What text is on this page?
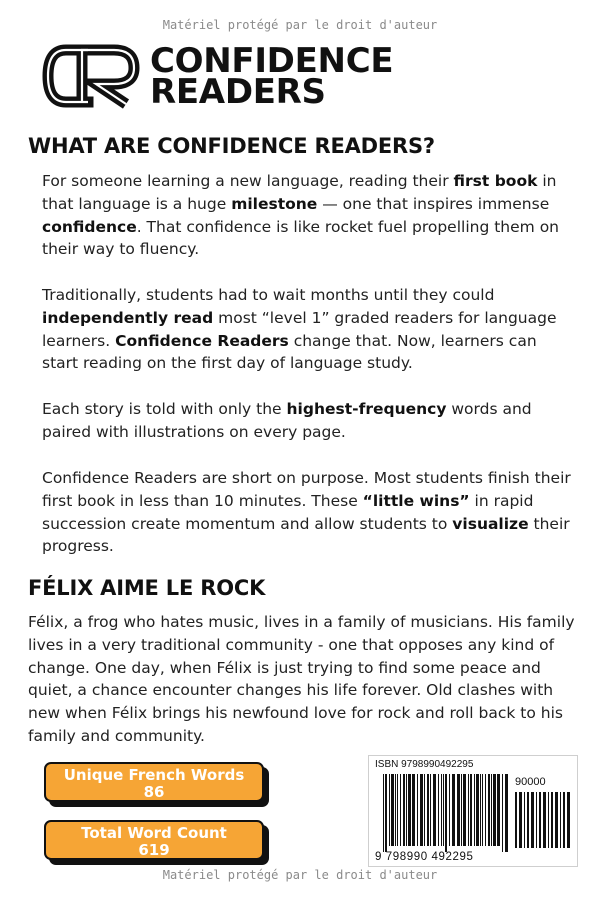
Matériel protégé par le droit d'auteur
CONFIDENCE
READERS
WHAT ARE CONFIDENCE READERS?
For someone learning a new language, reading their first book in that language is a huge milestone — one that inspires immense confidence. That confidence is like rocket fuel propelling them on their way to fluency.
Traditionally, students had to wait months until they could independently read most “level 1” graded readers for language learners. Confidence Readers change that. Now, learners can start reading on the first day of language study.
Each story is told with only the highest-frequency words and paired with illustrations on every page.
Confidence Readers are short on purpose. Most students finish their first book in less than 10 minutes. These “little wins” in rapid succession create momentum and allow students to visualize their progress.
FÉLIX AIME LE ROCK
Félix, a frog who hates music, lives in a family of musicians. His family lives in a very traditional community - one that opposes any kind of change. One day, when Félix is just trying to find some peace and quiet, a chance encounter changes his life forever. Old clashes with new when Félix brings his newfound love for rock and roll back to his family and community.
Unique French Words
86
Total Word Count
619
ISBN 9798990492295
90000
9 798990 492295
Matériel protégé par le droit d'auteur
